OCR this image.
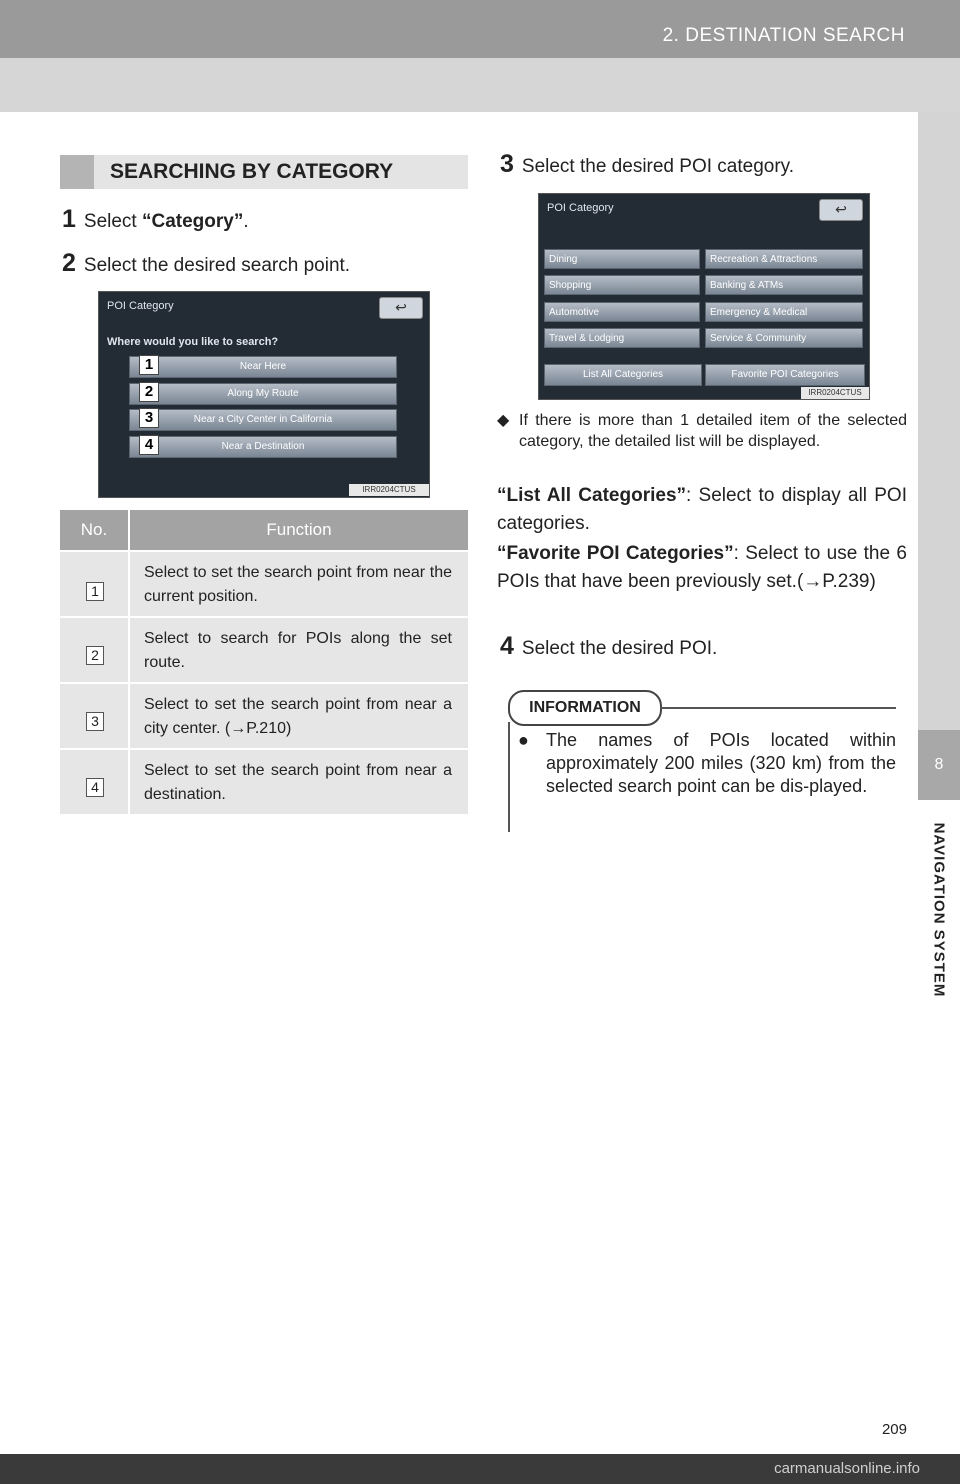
2. DESTINATION SEARCH
8
NAVIGATION SYSTEM
SEARCHING BY CATEGORY
1 Select “Category”.
2 Select the desired search point.
POI Category	↩
Where would you like to search?
Near Here
Along My Route
Near a City Center in California
Near a Destination
1
2
3
4
IRR0204CTUS
No.	Function
1
Select to set the search point from near the current position.
2
Select to search for POIs along the set route.
3
Select to set the search point from near a city center. (→P.210)
4
Select to set the search point from near a destination.
3 Select the desired POI category.
POI Category	↩
Dining	Recreation & Attractions
Shopping	Banking & ATMs
Automotive	Emergency & Medical
Travel & Lodging	Service & Community
List All Categories	Favorite POI Categories
IRR0204CTUS
◆ If there is more than 1 detailed item of the selected category, the detailed list will be displayed.
“List All Categories”: Select to display all POI categories.
“Favorite POI Categories”: Select to use the 6 POIs that have been previously set.(→P.239)
4 Select the desired POI.
INFORMATION
● The names of POIs located within approximately 200 miles (320 km) from the selected search point can be dis-played.
209
carmanualsonline.info
